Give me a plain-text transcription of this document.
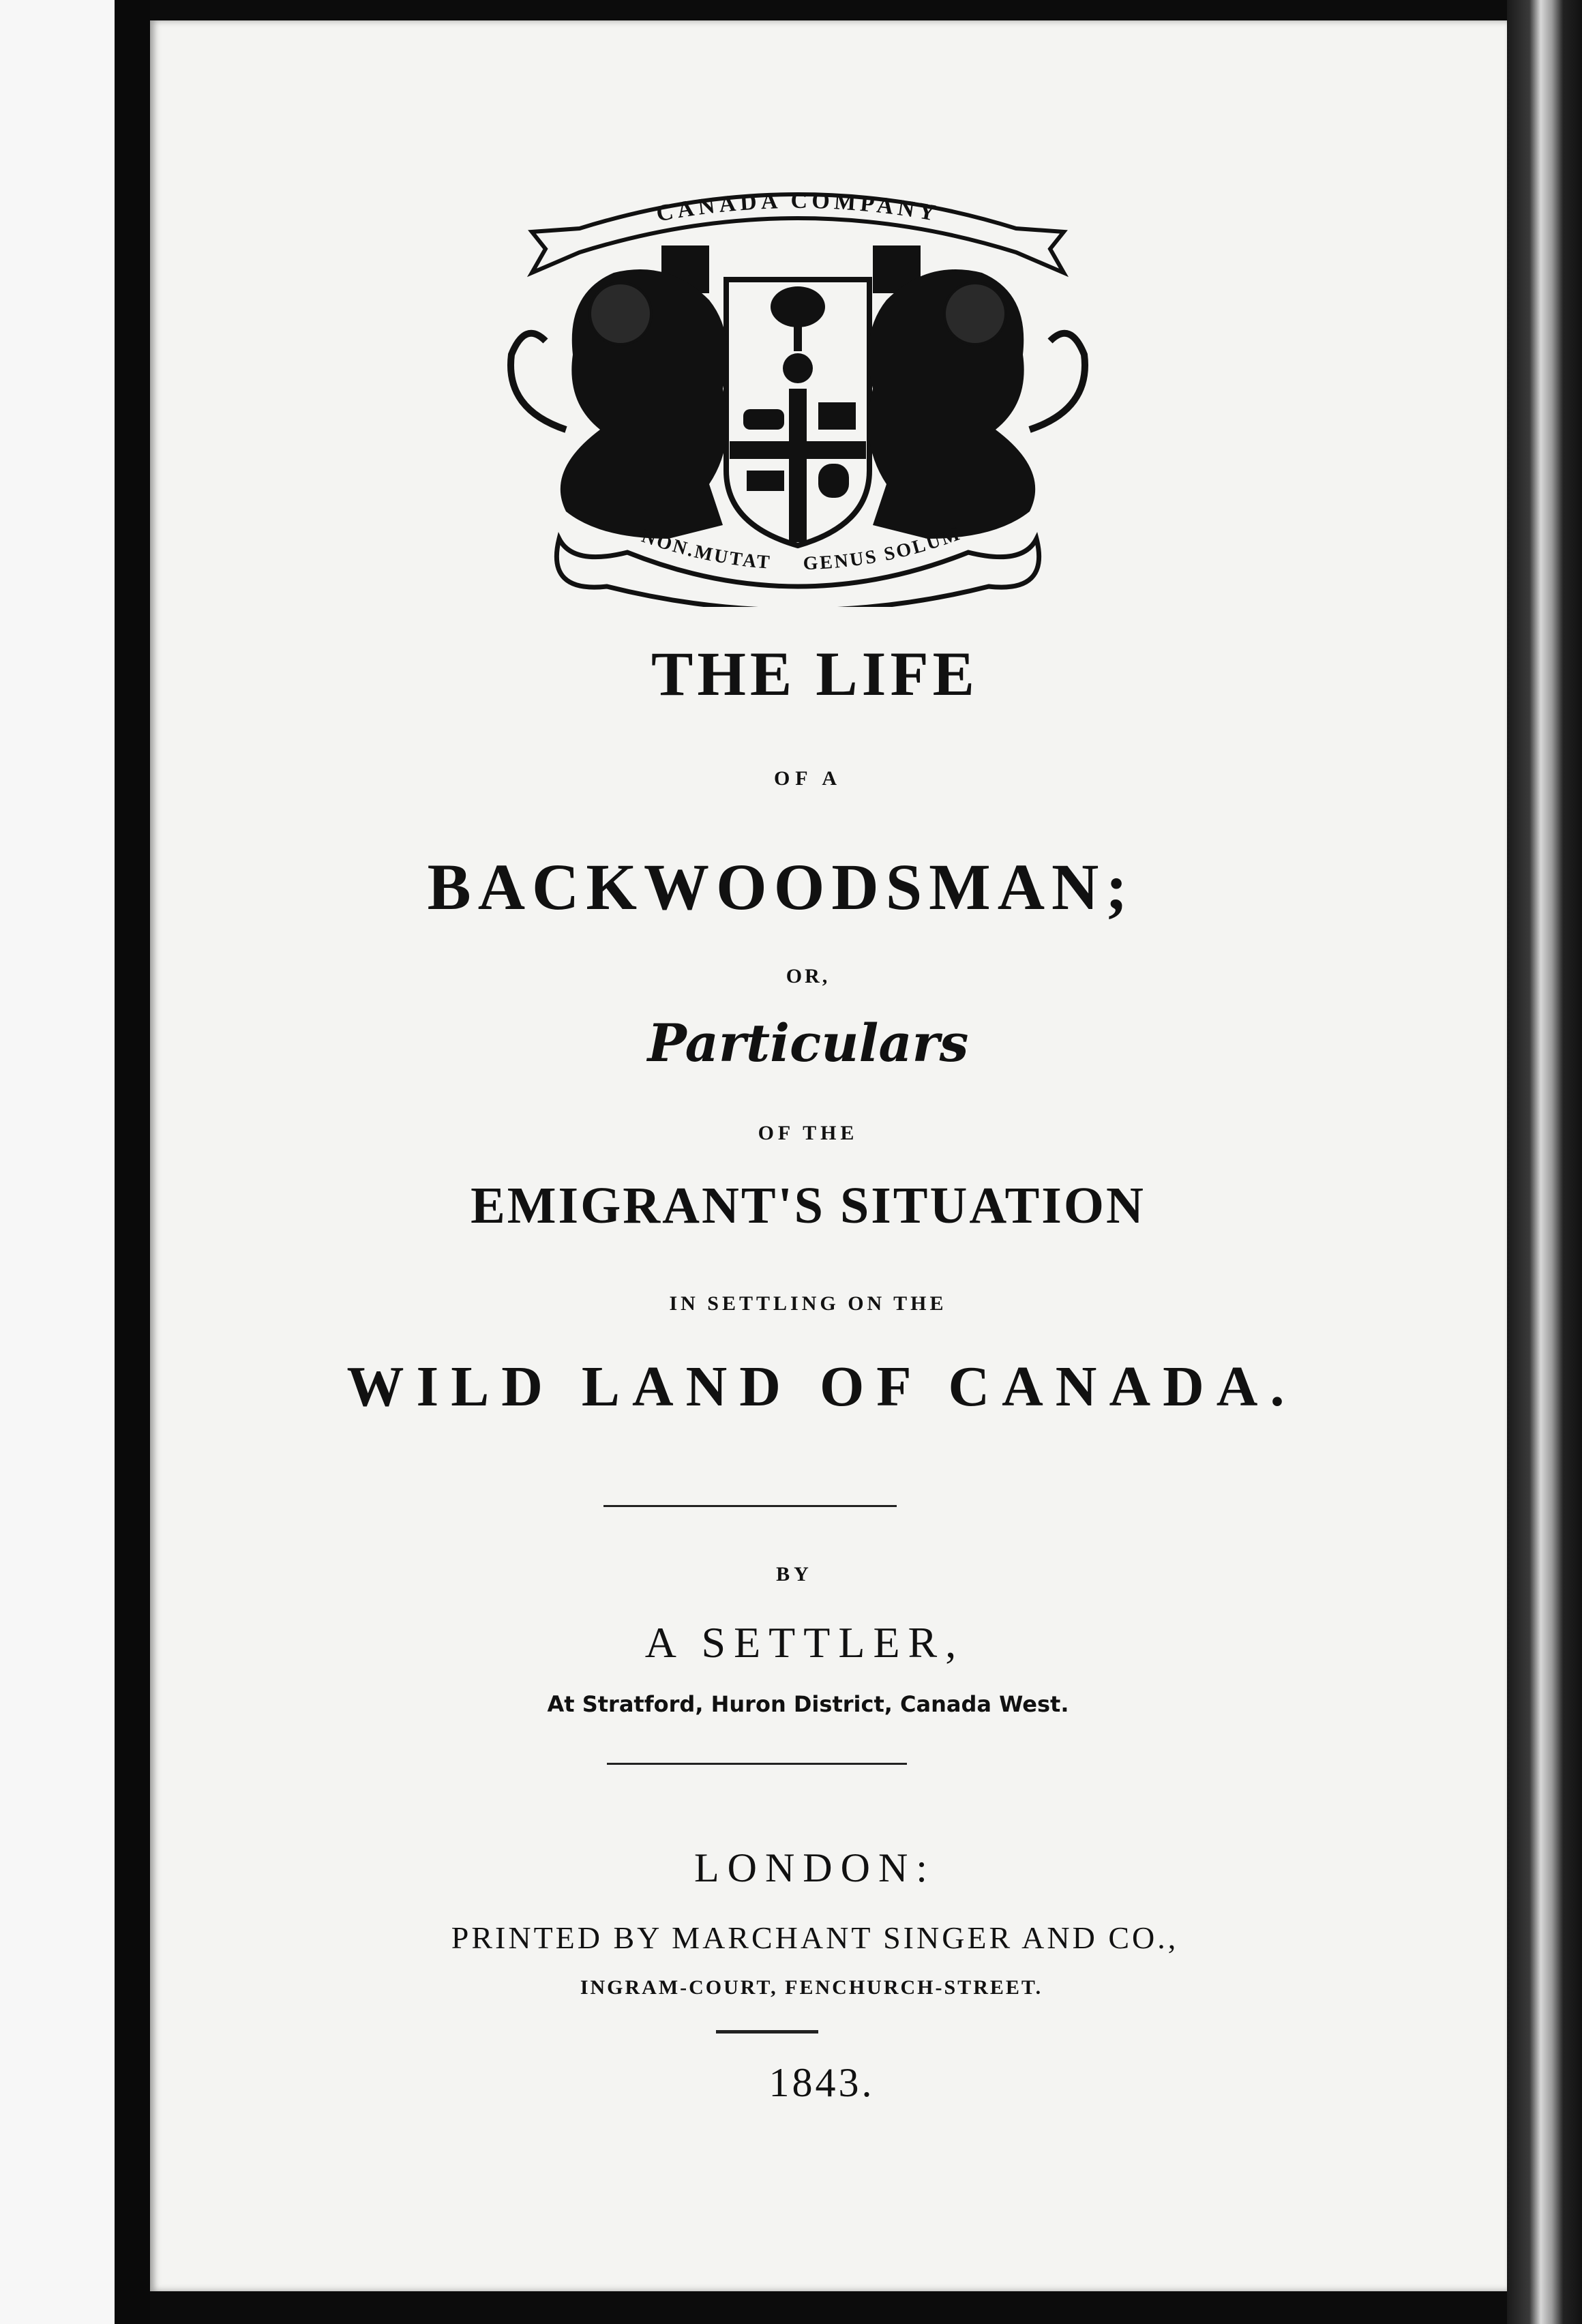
CANADA COMPANY
NON.MUTAT GENUS SOLUM
THE LIFE
OF A
BACKWOODSMAN;
OR,
Particulars
OF THE
EMIGRANT'S SITUATION
IN SETTLING ON THE
WILD LAND OF CANADA.
BY
A SETTLER,
At Stratford, Huron District, Canada West.
LONDON:
PRINTED BY MARCHANT SINGER AND CO.,
INGRAM-COURT, FENCHURCH-STREET.
1843.
